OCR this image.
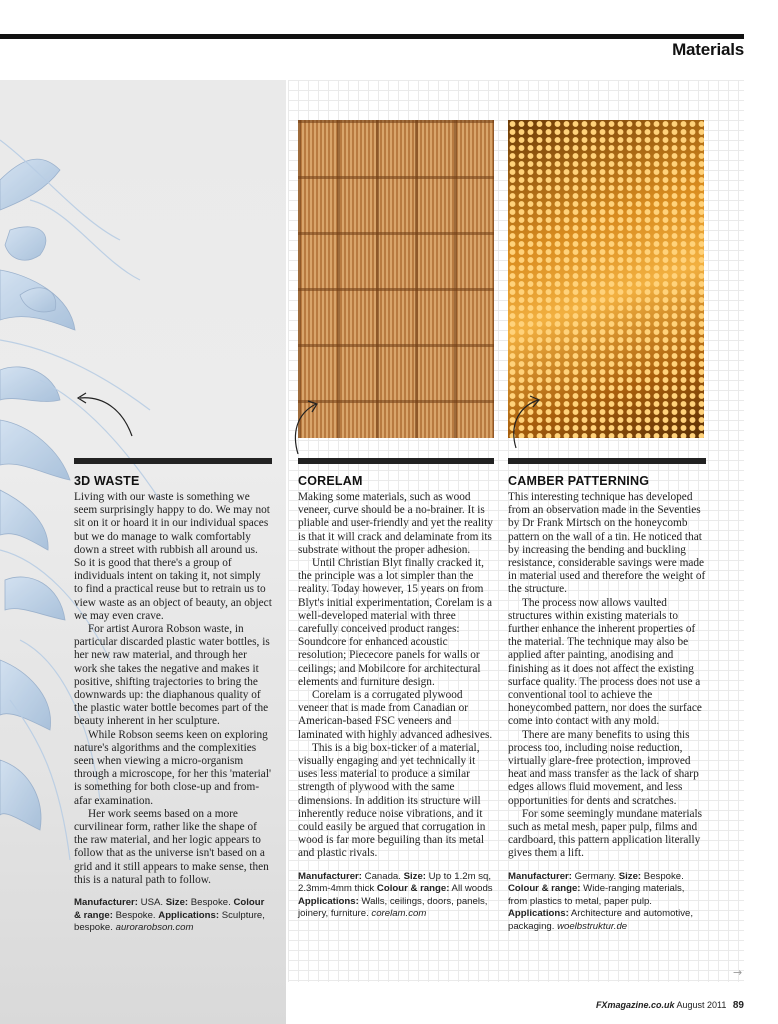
Materials
3D WASTE

Living with our waste is something we seem surprisingly happy to do. We may not sit on it or hoard it in our individual spaces but we do manage to walk comfortably down a street with rubbish all around us. So it is good that there's a group of individuals intent on taking it, not simply to find a practical reuse but to retrain us to view waste as an object of beauty, an object we may even crave.

For artist Aurora Robson waste, in particular discarded plastic water bottles, is her new raw material, and through her work she takes the negative and makes it positive, shifting trajectories to bring the downwards up: the diaphanous quality of the plastic water bottle becomes part of the beauty inherent in her sculpture.

While Robson seems keen on exploring nature's algorithms and the complexities seen when viewing a micro-organism through a microscope, for her this 'material' is something for both close-up and from-afar examination.

Her work seems based on a more curvilinear form, rather like the shape of the raw material, and her logic appears to follow that as the universe isn't based on a grid and it still appears to make sense, then this is a natural path to follow.

Manufacturer: USA. Size: Bespoke. Colour & range: Bespoke. Applications: Sculpture, bespoke. aurorarobson.com
CORELAM

Making some materials, such as wood veneer, curve should be a no-brainer. It is pliable and user-friendly and yet the reality is that it will crack and delaminate from its substrate without the proper adhesion.

Until Christian Blyt finally cracked it, the principle was a lot simpler than the reality. Today however, 15 years on from Blyt's initial experimentation, Corelam is a well-developed material with three carefully conceived product ranges: Soundcore for enhanced acoustic resolution; Piececore panels for walls or ceilings; and Mobilcore for architectural elements and furniture design.

Corelam is a corrugated plywood veneer that is made from Canadian or American-based FSC veneers and laminated with highly advanced adhesives.

This is a big box-ticker of a material, visually engaging and yet technically it uses less material to produce a similar strength of plywood with the same dimensions. In addition its structure will inherently reduce noise vibrations, and it could easily be argued that corrugation in wood is far more beguiling than its metal and plastic rivals.

Manufacturer: Canada. Size: Up to 1.2m sq, 2.3mm-4mm thick Colour & range: All woods Applications: Walls, ceilings, doors, panels, joinery, furniture. corelam.com
CAMBER PATTERNING

This interesting technique has developed from an observation made in the Seventies by Dr Frank Mirtsch on the honeycomb pattern on the wall of a tin. He noticed that by increasing the bending and buckling resistance, considerable savings were made in material used and therefore the weight of the structure.

The process now allows vaulted structures within existing materials to further enhance the inherent properties of the material. The technique may also be applied after painting, anodising and finishing as it does not affect the existing surface quality. The process does not use a conventional tool to achieve the honeycombed pattern, nor does the surface come into contact with any mold.

There are many benefits to using this process too, including noise reduction, virtually glare-free protection, improved heat and mass transfer as the lack of sharp edges allows fluid movement, and less opportunities for dents and scratches.

For some seemingly mundane materials such as metal mesh, paper pulp, films and cardboard, this pattern application literally gives them a lift.

Manufacturer: Germany. Size: Bespoke. Colour & range: Wide-ranging materials, from plastics to metal, paper pulp. Applications: Architecture and automotive, packaging. woelbstruktur.de
→
FXmagazine.co.uk August 2011 89
